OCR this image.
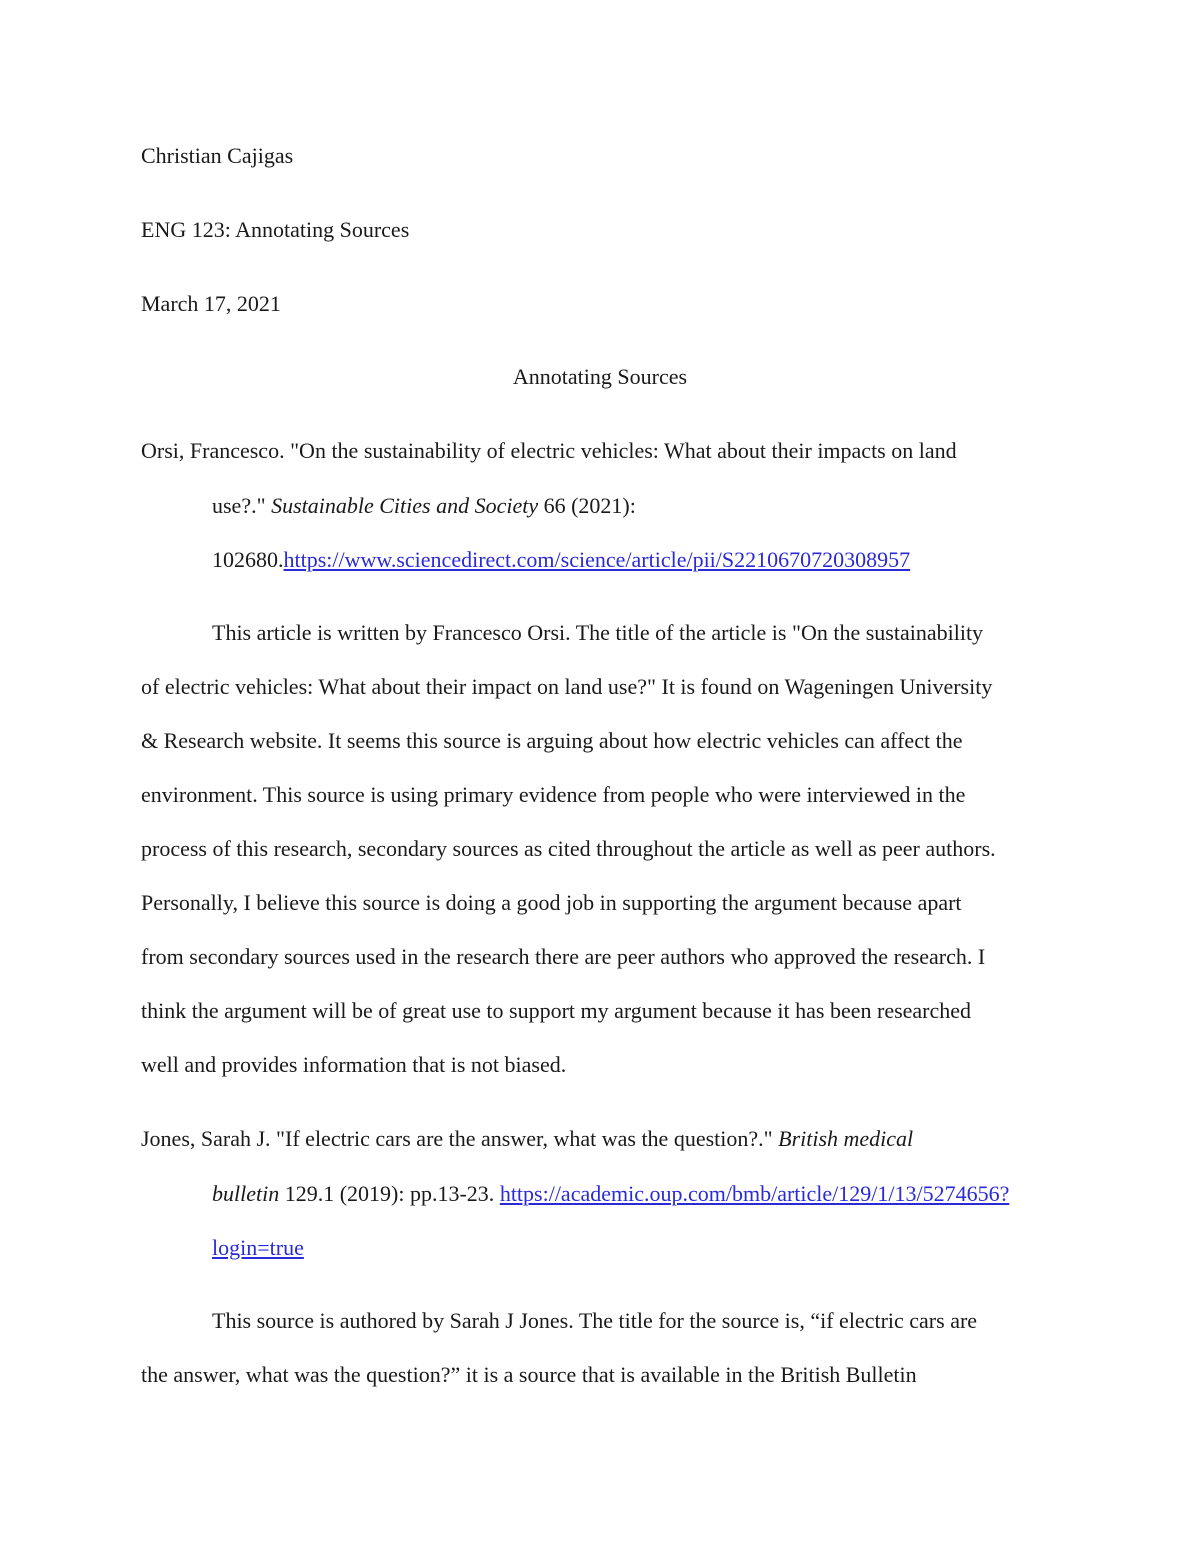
Christian Cajigas
ENG 123: Annotating Sources
March 17, 2021
Annotating Sources
Orsi, Francesco. "On the sustainability of electric vehicles: What about their impacts on land
use?." Sustainable Cities and Society 66 (2021):
102680.https://www.sciencedirect.com/science/article/pii/S2210670720308957
This article is written by Francesco Orsi. The title of the article is "On the sustainability
of electric vehicles: What about their impact on land use?" It is found on Wageningen University
& Research website. It seems this source is arguing about how electric vehicles can affect the
environment. This source is using primary evidence from people who were interviewed in the
process of this research, secondary sources as cited throughout the article as well as peer authors.
Personally, I believe this source is doing a good job in supporting the argument because apart
from secondary sources used in the research there are peer authors who approved the research. I
think the argument will be of great use to support my argument because it has been researched
well and provides information that is not biased.
Jones, Sarah J. "If electric cars are the answer, what was the question?." British medical
bulletin 129.1 (2019): pp.13-23. https://academic.oup.com/bmb/article/129/1/13/5274656?
login=true
This source is authored by Sarah J Jones. The title for the source is, “if electric cars are
the answer, what was the question?” it is a source that is available in the British Bulletin
